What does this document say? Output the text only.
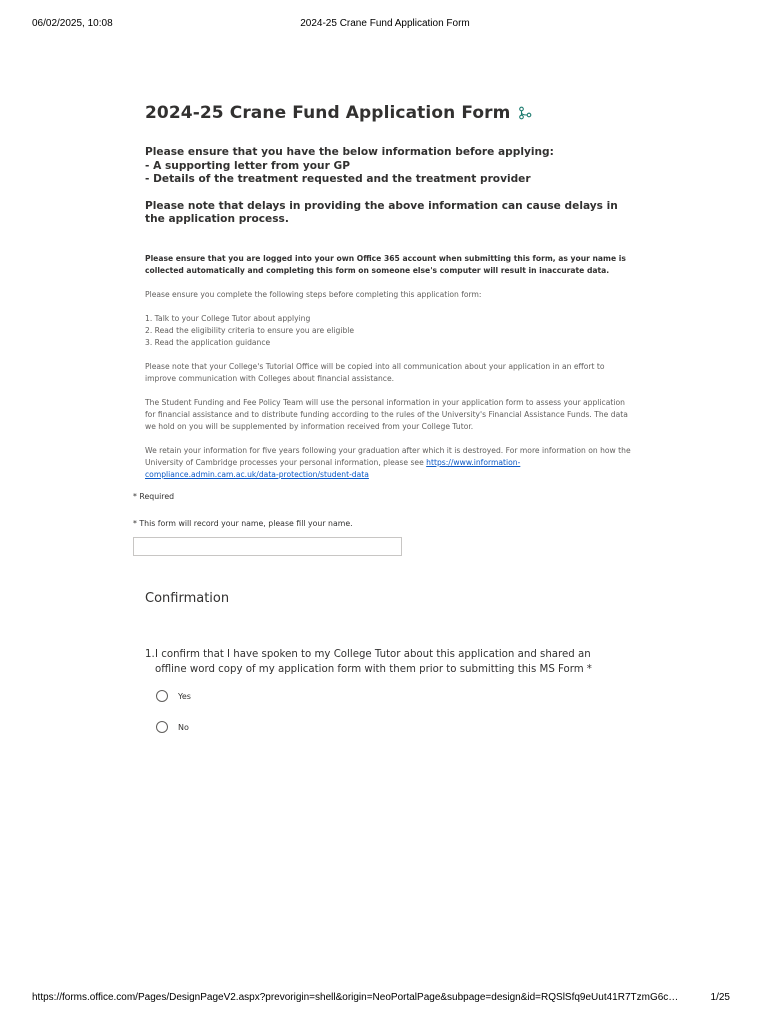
06/02/2025, 10:08	2024-25 Crane Fund Application Form
2024-25 Crane Fund Application Form

Please ensure that you have the below information before applying:

- A supporting letter from your GP

- Details of the treatment requested and the treatment provider

Please note that delays in providing the above information can cause delays in the application process.

Please ensure that you are logged into your own Office 365 account when submitting this form, as your name is collected automatically and completing this form on someone else's computer will result in inaccurate data.

Please ensure you complete the following steps before completing this application form:

1. Talk to your College Tutor about applying
2. Read the eligibility criteria to ensure you are eligible
3. Read the application guidance

Please note that your College's Tutorial Office will be copied into all communication about your application in an effort to improve communication with Colleges about financial assistance.

The Student Funding and Fee Policy Team will use the personal information in your application form to assess your application for financial assistance and to distribute funding according to the rules of the University's Financial Assistance Funds. The data we hold on you will be supplemented by information received from your College Tutor.

We retain your information for five years following your graduation after which it is destroyed. For more information on how the University of Cambridge processes your personal information, please see https://www.information-compliance.admin.cam.ac.uk/data-protection/student-data

* Required
* This form will record your name, please fill your name.
Confirmation
1. I confirm that I have spoken to my College Tutor about this application and shared an offline word copy of my application form with them prior to submitting this MS Form *
Yes
No
https://forms.office.com/Pages/DesignPageV2.aspx?prevorigin=shell&origin=NeoPortalPage&subpage=design&id=RQSlSfq9eUut41R7TzmG6c…	1/25
